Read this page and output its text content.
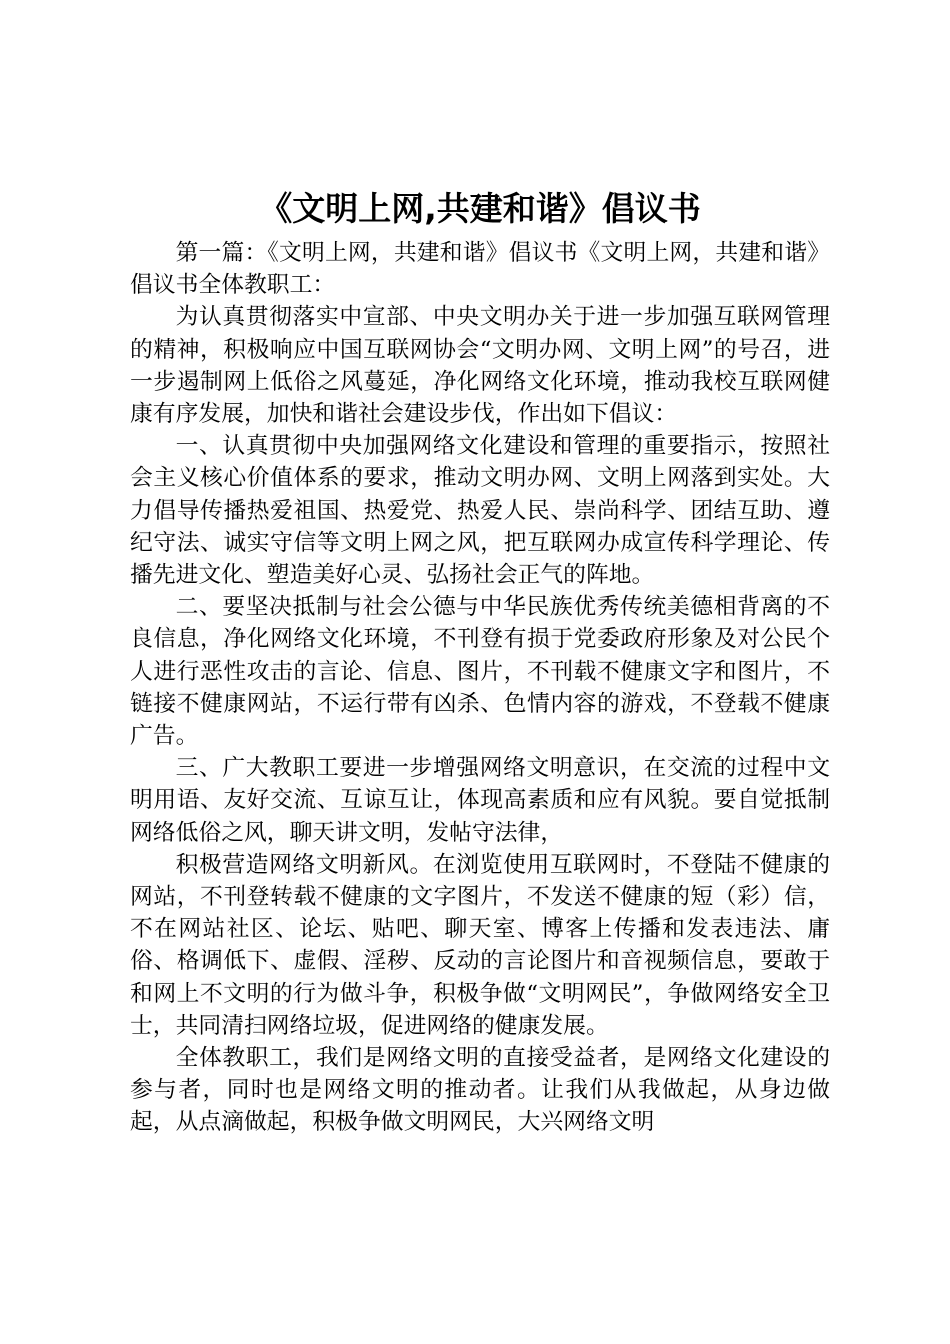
《文明上网,共建和谐》倡议书

第一篇：《文明上网，共建和谐》倡议书《文明上网，共建和谐》倡议书全体教职工：

为认真贯彻落实中宣部、中央文明办关于进一步加强互联网管理的精神，积极响应中国互联网协会“文明办网、文明上网”的号召，进一步遏制网上低俗之风蔓延，净化网络文化环境，推动我校互联网健康有序发展，加快和谐社会建设步伐，作出如下倡议：

一、认真贯彻中央加强网络文化建设和管理的重要指示，按照社会主义核心价值体系的要求，推动文明办网、文明上网落到实处。大力倡导传播热爱祖国、热爱党、热爱人民、崇尚科学、团结互助、遵纪守法、诚实守信等文明上网之风，把互联网办成宣传科学理论、传播先进文化、塑造美好心灵、弘扬社会正气的阵地。

二、要坚决抵制与社会公德与中华民族优秀传统美德相背离的不良信息，净化网络文化环境，不刊登有损于党委政府形象及对公民个人进行恶性攻击的言论、信息、图片，不刊载不健康文字和图片，不链接不健康网站，不运行带有凶杀、色情内容的游戏，不登载不健康广告。

三、广大教职工要进一步增强网络文明意识，在交流的过程中文明用语、友好交流、互谅互让，体现高素质和应有风貌。要自觉抵制网络低俗之风，聊天讲文明，发帖守法律，

积极营造网络文明新风。在浏览使用互联网时，不登陆不健康的网站，不刊登转载不健康的文字图片，不发送不健康的短（彩）信，不在网站社区、论坛、贴吧、聊天室、博客上传播和发表违法、庸俗、格调低下、虚假、淫秽、反动的言论图片和音视频信息，要敢于和网上不文明的行为做斗争，积极争做“文明网民”，争做网络安全卫士，共同清扫网络垃圾，促进网络的健康发展。

全体教职工，我们是网络文明的直接受益者，是网络文化建设的参与者，同时也是网络文明的推动者。让我们从我做起，从身边做起，从点滴做起，积极争做文明网民，大兴网络文明
